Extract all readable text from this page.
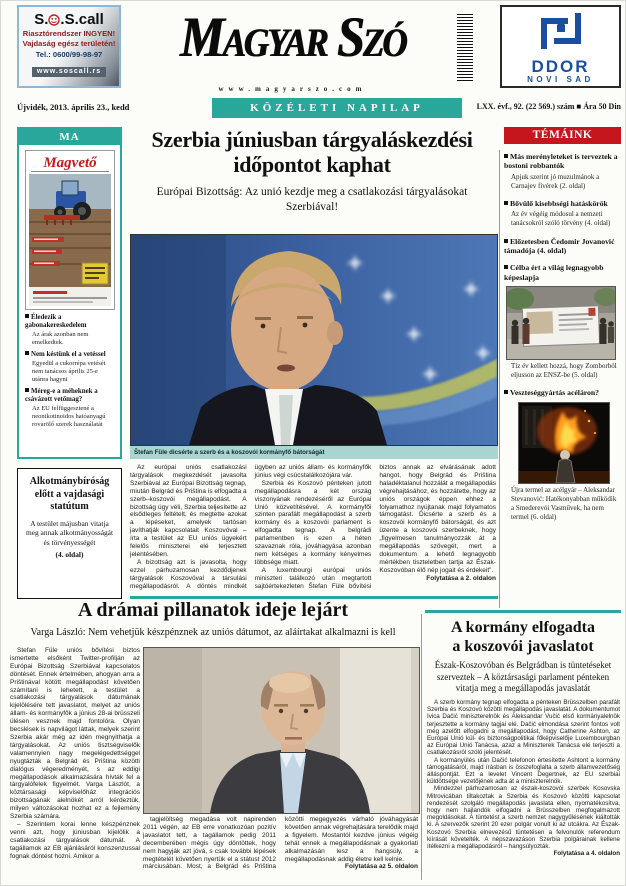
S. .S.call
Riasztórendszer INGYEN!
Vajdaság egész területén!
Tel.: 0600/99-98-97
www.soscall.rs
Magyar Szó
www.magyarszo.com
DDOR
NOVI SAD
Újvidék, 2013. április 23., kedd	KÖZÉLETI NAPILAP	LXX. évf., 92. (22 569.) szám ■ Ára 50 Din
MA
Magvető
Éledezik a gabonakereskedelem
Az árak azonban nem emelkedtek.
Nem késtünk el a vetéssel
Egyedül a cukorrépa vetését nem tanácsos április 25-e utánra hagyni
Méreg-e a méheknek a csávázott vetőmag?
Az EU felfüggesztené a neonikotinoidos hatóanyagú rovarölő szerek használatát
Alkotmánybíróság előtt a vajdasági statútum
A testület májusban vitatja meg annak alkotmányosságát és törvényességét
(4. oldal)
Szerbia júniusban tárgyaláskezdési időpontot kaphat
Európai Bizottság: Az unió kezdje meg a csatlakozási tárgyalásokat Szerbiával!
Štefan Füle dicsérte a szerb és a koszovói kormányfő bátorságát

Az európai uniós csatlakozási tárgyalások megkezdését javasolta Szerbiával az Európai Bizottság tegnap, miután Belgrád és Priština is elfogadta a szerb–koszovói megállapodást. A bizottság úgy véli, Szerbia teljesítette az elsődleges feltételt, és megtette azokat a lépéseket, amelyek tartósan javíthatják kapcsolatait Koszovóval – írta a testület az EU uniós ügyekért felelős miniszterei elé terjesztett jelentésében.

A bizottság azt is javasolta, hogy ezzel párhuzamosan kezdődjenek tárgyalások Koszovóval a társulási megállapodásról. A döntés mindkét ügyben az uniós állam- és kormányfők június végi csúcstalálkozójára vár.

Szerbia és Koszovó pénteken jutott megállapodásra a két ország viszonyának rendezéséről az Európai Unió közvetítésével. A kormányfői szinten parafált megállapodást a szerb kormány és a koszovói parlament is elfogadta tegnap. A belgrádi parlamentben is ezen a héten szavaznak róla, jóváhagyása azonban nem kétséges a kormány kényelmes többsége miatt.

A luxembourgi európai uniós miniszteri találkozó után megtartott sajtóértekezleten Štefan Füle bővítési biztos annak az elvárásának adott hangot, hogy Belgrád és Priština haladéktalanul hozzálát a megállapodás végrehajtásához, és hozzátette, hogy az uniós országok éppen ehhez a folyamathoz nyújtanak majd folyamatos támogatást. Dicsérte a szerb és a koszovói kormányfő bátorságát, és azt üzente a koszovói szerbeknek, hogy „figyelmesen tanulmányozzák át a megállapodás szövegét, mert a dokumentum a lehető legnagyobb mértékben tiszteletben tartja az Észak-Koszovóban élő nép jogait és érdekeit”.

Folytatása a 2. oldalon

TÉMÁINK
Más merényleteket is terveztek a bostoni robbantók
Apjuk szerint jó muzulmánok a Carnajev fivérek (2. oldal)
Bővülő kisebbségi hatáskörök
Az év végéig módosul a nemzeti tanácsokról szóló törvény (4. oldal)
Előzetesben Čedomir Jovanović támadója (4. oldal)
Célba ért a világ legnagyobb képeslapja
Tíz év kellett hozzá, hogy Zomborból eljusson az ENSZ-be (5. oldal)
Veszteséggyártás acéláron?
Újra termel az acélgyár – Aleksandar Stevanović: Hatékonyabban működik a Smederevói Vasművek, ha nem termel (6. oldal)
A drámai pillanatok ideje lejárt
Varga László: Nem vehetjük készpénznek az uniós dátumot, az aláírtakat alkalmazni is kell

Štefan Füle uniós bővítési biztos ismertette elsőként Twitter-profilján az Európai Bizottság Szerbiával kapcsolatos döntését. Ennek értelmében, ahogyan arra a Prištinával kötött megállapodást követően számítani is lehetett, a testület a csatlakozási tárgyalások dátumának kijelölésére tett javaslatot, melyet az uniós állam- és kormányfők a június 28-ai brüsszeli ülésen vesznek majd fontolóra. Olyan becslések is napvilágot láttak, melyek szerint Szerbia akár még az idén megnyithatja a tárgyalásokat. Az uniós tisztségviselők valamennyien nagy megelégedettséggel nyugtázták a Belgrád és Priština közötti dialógus végeredményét, s az eddigi megállapodások alkalmazására hívták fel a tárgyalófelek figyelmét. Varga Lászlót, a köztársasági képviselőház integrációs bizottságának alelnökét arról kérdeztük, milyen változásokat hozhat ez a fejlemény Szerbia számára.

– Szerintem korai lenne készpénznek venni azt, hogy júniusban kijelölik a csatlakozási tárgyalások dátumát. A tagállamok az EB ajánlásáról konszenzussal fognak döntést hozni. Amikor a

tagjelöltség megadása volt napirenden 2011 végén, az EB erre vonatkozóan pozitív javaslatot tett, a tagállamok pedig 2011 decemberében mégis úgy döntöttek, hogy nem hagyják azt jóvá, s csak további lépések megtételét követően nyertük el a státust 2012 márciusában. Most, a Belgrád és Priština közötti megegyezés várható jóváhagyását követően annak végrehajtására terelődik majd a figyelem. Mostantól kezdve június végéig tehát ennek a megállapodásnak a gyakorlati alkalmazásán lesz a hangsúly, a megállapodásnak addig életre kell kelnie.

Folytatása az 5. oldalon

A kormány elfogadta
a koszovói javaslatot
Észak-Koszovóban és Belgrádban is tüntetéseket szerveztek – A köztársasági parlament pénteken vitatja meg a megállapodás javaslatát

A szerb kormány tegnap elfogadta a pénteken Brüsszelben parafált Szerbia és Koszovó közötti megállapodás javaslatát. A dokumentumot Ivica Dačić miniszterelnök és Aleksandar Vučić első kormányalelnök terjesztette a kormány tagjai elé. Dačić elmondása szerint fontos volt még azelőtt elfogadni a megállapodást, hogy Catherine Ashton, az Európai Unió kül- és biztonságpolitikai főképviselője Luxembourgban az Európai Unió Tanácsa, azaz a Miniszterek Tanácsa elé terjeszti a csatlakozásról szóló jelentését.

A kormányülés után Dačić telefonon értesítette Ashtont a kormány támogatásáról, majd írásban is összefoglalta a szerb államvezetőség álláspontját. Ezt a levelet Vincent Degertnek, az EU szerbiai küldöttsége vezetőjének adta át a miniszterelnök.

Mindezzel párhuzamosan az észak-koszovói szerbek Kosovska Mitrovicában tiltakoztak a Szerbia és Koszovó közötti kapcsolat rendezését szolgáló megállapodás javaslata ellen, nyomatékosítva, hogy nem hajlandók elfogadni a Brüsszelben megfogalmazott megoldásokat. A tüntetést a szerb nemzet nagygyűlésének kiáltották ki. A szervezők szerint 20 ezer polgár vonult ki az utcákra. Az Észak-Koszovó Szerbia elnevezésű tüntetésen a felvonulók referendum kiírását követelték. A népszavazáson Szerbia polgárainak kellene ítélkezni a megállapodásról – hangsúlyozták.

Folytatása a 4. oldalon
